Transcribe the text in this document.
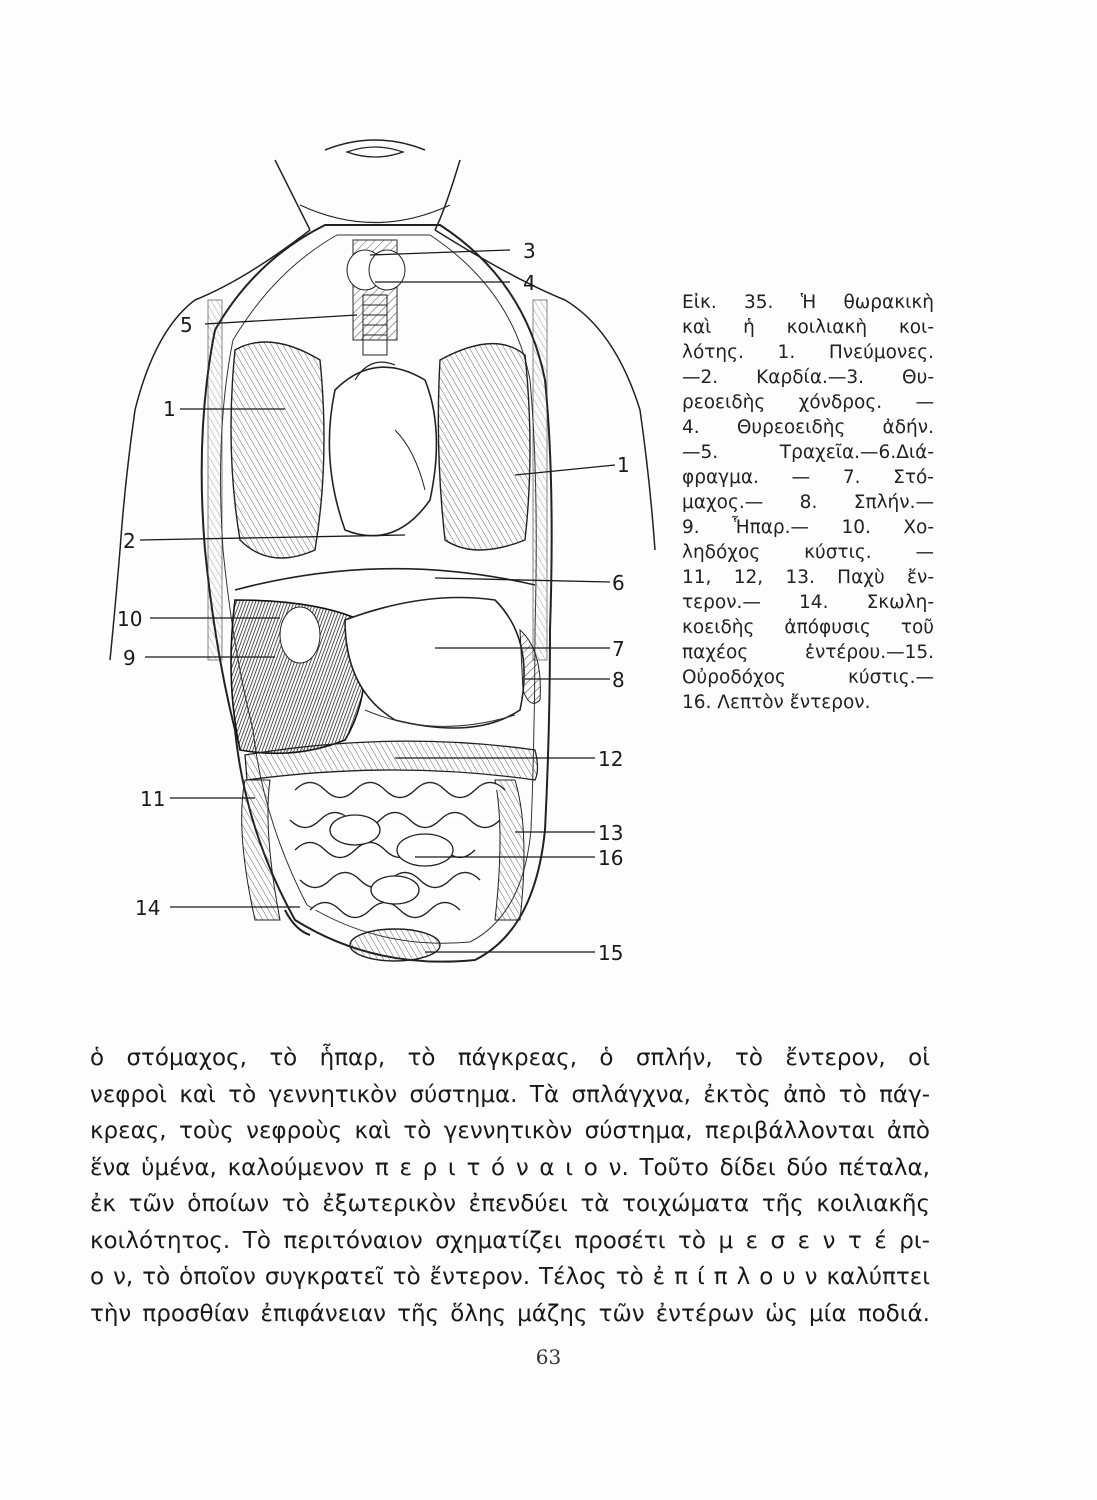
3
4
5
1
1
2
6
10
7
9
8
12
11
13
16
14
15
Εἰκ. 35. Ἡ θωρακικὴ
καὶ ἡ κοιλιακὴ κοι-
λότης. 1. Πνεύμονες.
—2. Καρδία.—3. Θυ-
ρεοειδὴς χόνδρος. —
4. Θυρεοειδὴς ἀδήν.
—5. Τραχεῖα.—6.Διά-
φραγμα. — 7. Στό-
μαχος.— 8. Σπλήν.—
9. Ἧπαρ.— 10. Χο-
ληδόχος κύστις. —
11, 12, 13. Παχὺ ἔν-
τερον.— 14. Σκωλη-
κοειδὴς ἀπόφυσις τοῦ
παχέος ἐντέρου.—15.
Οὐροδόχος κύστις.—
16. Λεπτὸν ἔντερον.
ὁ στόμαχος, τὸ ἧπαρ, τὸ πάγκρεας, ὁ σπλήν, τὸ ἔντερον, οἱ
νεφροὶ καὶ τὸ γεννητικὸν σύστημα. Τὰ σπλάγχνα, ἐκτὸς ἀπὸ τὸ πάγ-
κρεας, τοὺς νεφροὺς καὶ τὸ γεννητικὸν σύστημα, περιβάλλονται ἀπὸ
ἕνα ὑμένα, καλούμενον π ε ρ ι τ ό ν α ι ο ν. Τοῦτο δίδει δύο πέταλα,
ἐκ τῶν ὁποίων τὸ ἐξωτερικὸν ἐπενδύει τὰ τοιχώματα τῆς κοιλιακῆς
κοιλότητος. Τὸ περιτόναιον σχηματίζει προσέτι τὸ μ ε σ ε ν τ έ ρι-
ο ν, τὸ ὁποῖον συγκρατεῖ τὸ ἔντερον. Τέλος τὸ ἐ π ί π λ ο υ ν καλύπτει
τὴν προσθίαν ἐπιφάνειαν τῆς ὅλης μάζης τῶν ἐντέρων ὡς μία ποδιά.
63
